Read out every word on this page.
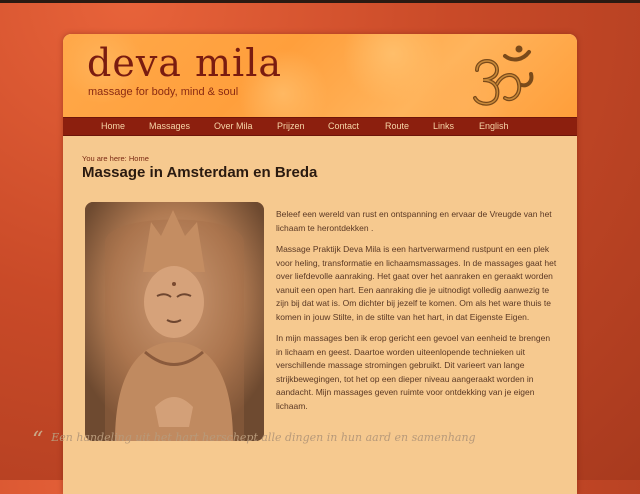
deva mila
massage for body, mind & soul
Home	Massages	Over Mila	Prijzen	Contact	Route	Links	English
You are here: Home
Massage in Amsterdam en Breda

Beleef een wereld van rust en ontspanning en ervaar de Vreugde van het lichaam te herontdekken .

Massage Praktijk Deva Mila is een hartverwarmend rustpunt en een plek voor heling, transformatie en lichaamsmassages. In de massages gaat het over liefdevolle aanraking. Het gaat over het aanraken en geraakt worden vanuit een open hart. Een aanraking die je uitnodigt volledig aanwezig te zijn bij dat wat is. Om dichter bij jezelf te komen. Om als het ware thuis te komen in jouw Stilte, in de stilte van het hart, in dat Eigenste Eigen.

In mijn massages ben ik erop gericht een gevoel van eenheid te brengen in lichaam en geest. Daartoe worden uiteenlopende technieken uit verschillende massage stromingen gebruikt. Dit varieert van lange strijkbewegingen, tot het op een dieper niveau aangeraakt worden in aandacht. Mijn massages geven ruimte voor ontdekking van je eigen lichaam.

“ Een handeling uit het hart herschept alle dingen in hun aard en samenhang
